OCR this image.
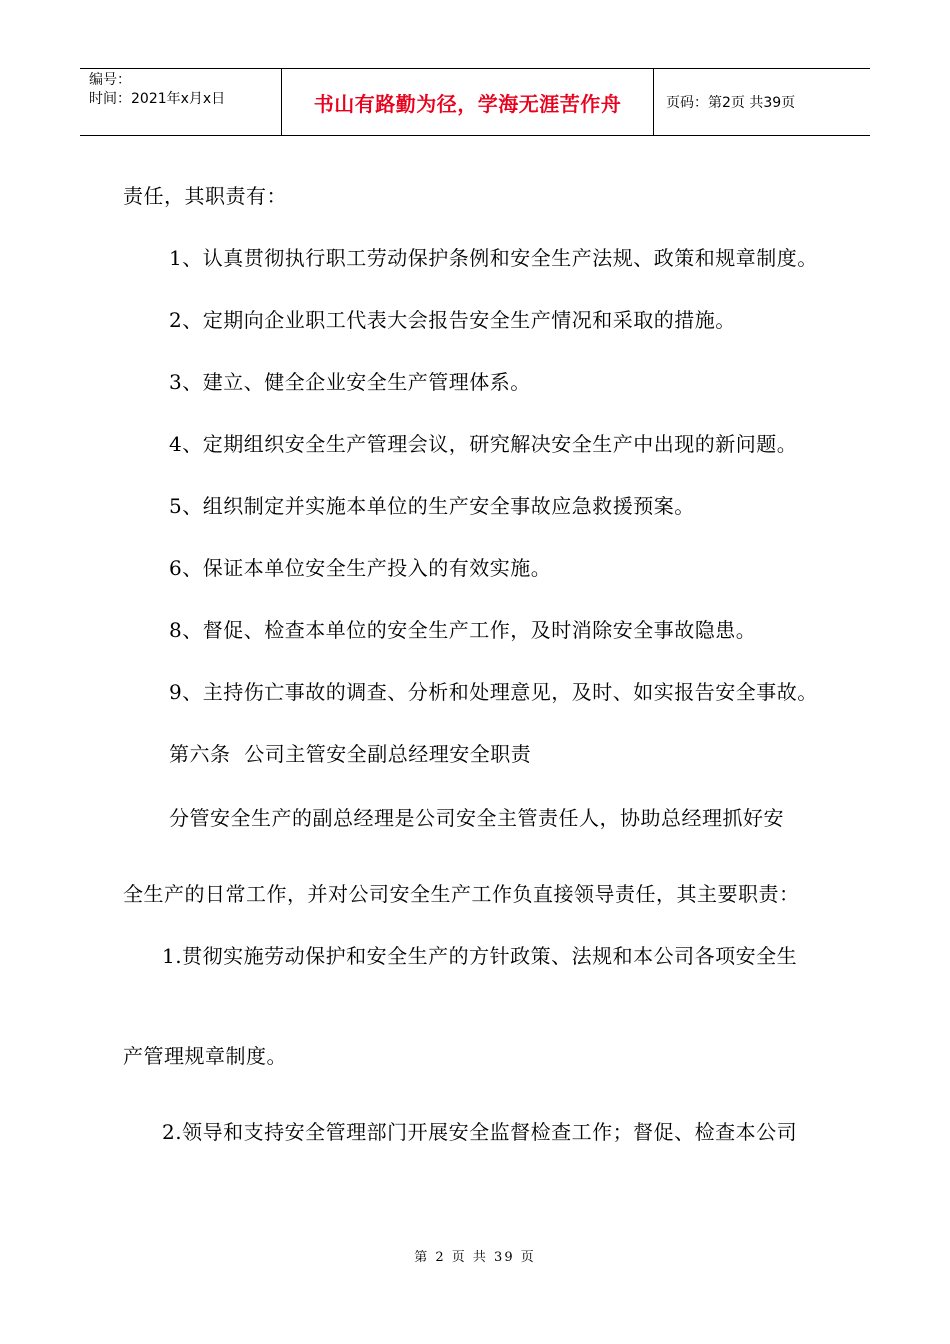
编号：
时间：2021年x月x日	书山有路勤为径，学海无涯苦作舟	页码：第2页 共39页
责任，其职责有：
1、认真贯彻执行职工劳动保护条例和安全生产法规、政策和规章制度。
2、定期向企业职工代表大会报告安全生产情况和采取的措施。
3、建立、健全企业安全生产管理体系。
4、定期组织安全生产管理会议，研究解决安全生产中出现的新问题。
5、组织制定并实施本单位的生产安全事故应急救援预案。
6、保证本单位安全生产投入的有效实施。
8、督促、检查本单位的安全生产工作，及时消除安全事故隐患。
9、主持伤亡事故的调查、分析和处理意见，及时、如实报告安全事故。
第六条  公司主管安全副总经理安全职责
分管安全生产的副总经理是公司安全主管责任人，协助总经理抓好安
全生产的日常工作，并对公司安全生产工作负直接领导责任，其主要职责：
1.贯彻实施劳动保护和安全生产的方针政策、法规和本公司各项安全生
产管理规章制度。
2.领导和支持安全管理部门开展安全监督检查工作；督促、检查本公司
第 2 页 共 39 页
